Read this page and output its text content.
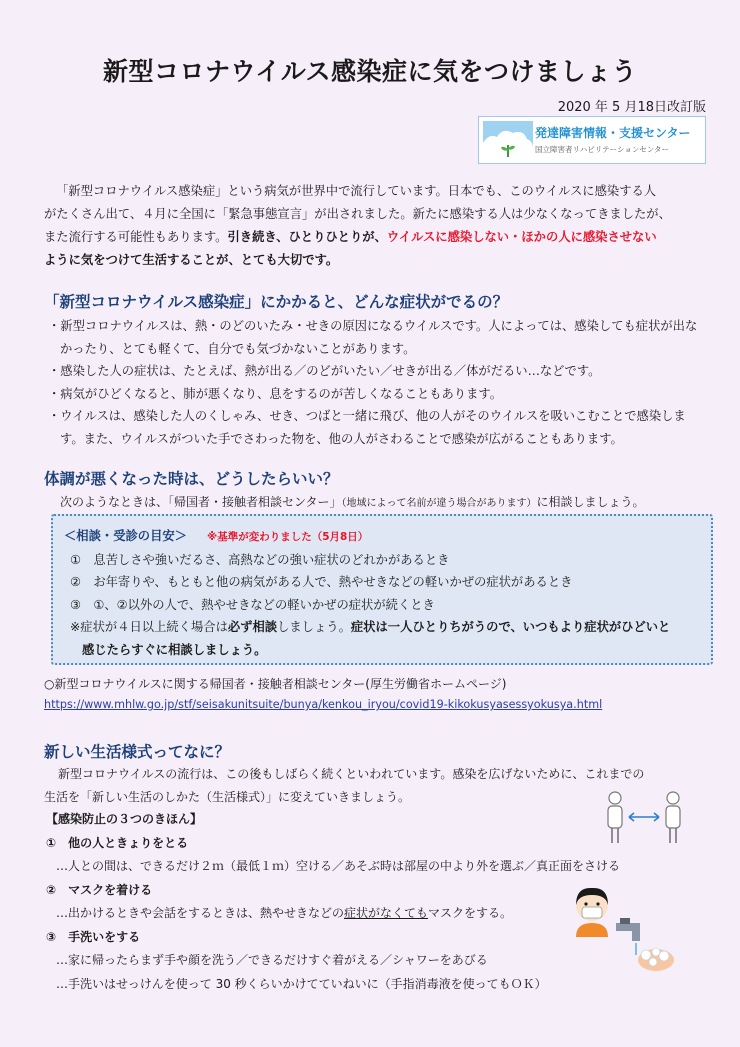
新型コロナウイルス感染症に気をつけましょう
2020 年 5 月18日改訂版
発達障害情報・支援センター
国立障害者リハビリテーションセンター
「新型コロナウイルス感染症」という病気が世界中で流行しています。日本でも、このウイルスに感染する人
がたくさん出て、４月に全国に「緊急事態宣言」が出されました。新たに感染する人は少なくなってきましたが、
また流行する可能性もあります。引き続き、ひとりひとりが、ウイルスに感染しない・ほかの人に感染させない
ように気をつけて生活することが、とても大切です。
「新型コロナウイルス感染症」にかかると、どんな症状がでるの？
・新型コロナウイルスは、熱・のどのいたみ・せきの原因になるウイルスです。人によっては、感染しても症状が出なかったり、とても軽くて、自分でも気づかないことがあります。
・感染した人の症状は、たとえば、熱が出る／のどがいたい／せきが出る／体がだるい…などです。
・病気がひどくなると、肺が悪くなり、息をするのが苦しくなることもあります。
・ウイルスは、感染した人のくしゃみ、せき、つばと一緒に飛び、他の人がそのウイルスを吸いこむことで感染します。また、ウイルスがついた手でさわった物を、他の人がさわることで感染が広がることもあります。
体調が悪くなった時は、どうしたらいい？
次のようなときは、「帰国者・接触者相談センター」（地域によって名前が違う場合があります）に相談しましょう。
＜相談・受診の目安＞ ※基準が変わりました（5月8日）
①　息苦しさや強いだるさ、高熱などの強い症状のどれかがあるとき
②　お年寄りや、もともと他の病気がある人で、熱やせきなどの軽いかぜの症状があるとき
③　①、②以外の人で、熱やせきなどの軽いかぜの症状が続くとき
※症状が４日以上続く場合は必ず相談しましょう。症状は一人ひとりちがうので、いつもより症状がひどいと
感じたらすぐに相談しましょう。
○新型コロナウイルスに関する帰国者・接触者相談センター(厚生労働省ホームページ)
https://www.mhlw.go.jp/stf/seisakunitsuite/bunya/kenkou_iryou/covid19-kikokusyasessyokusya.html
新しい生活様式ってなに？
新型コロナウイルスの流行は、この後もしばらく続くといわれています。感染を広げないために、これまでの
生活を「新しい生活のしかた（生活様式）」に変えていきましょう。
【感染防止の３つのきほん】
①　他の人ときょりをとる
…人との間は、できるだけ２ｍ（最低１ｍ）空ける／あそぶ時は部屋の中より外を選ぶ／真正面をさける
②　マスクを着ける
…出かけるときや会話をするときは、熱やせきなどの症状がなくてもマスクをする。
③　手洗いをする
…家に帰ったらまず手や顔を洗う／できるだけすぐ着がえる／シャワーをあびる
…手洗いはせっけんを使って 30 秒くらいかけてていねいに（手指消毒液を使ってもＯＫ）
